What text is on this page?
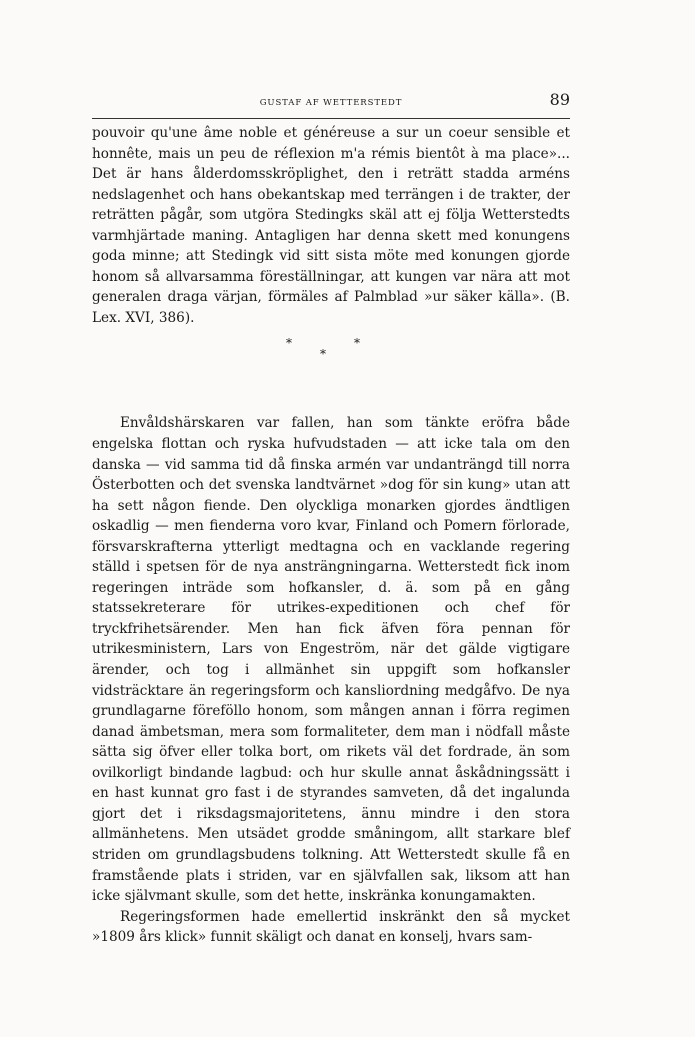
GUSTAF AF WETTERSTEDT	89

pouvoir qu'une âme noble et généreuse a sur un coeur sensible et honnête, mais un peu de réflexion m'a rémis bientôt à ma place»... Det är hans ålderdomsskröplighet, den i reträtt stadda arméns nedslagenhet och hans obekantskap med terrängen i de trakter, der reträtten pågår, som utgöra Stedingks skäl att ej följa Wetterstedts varmhjärtade maning. Antagligen har denna skett med konungens goda minne; att Stedingk vid sitt sista möte med konungen gjorde honom så allvarsamma föreställningar, att kungen var nära att mot generalen draga värjan, förmäles af Palmblad »ur säker källa». (B. Lex. XVI, 386).

*	*
*

Envåldshärskaren var fallen, han som tänkte eröfra både engelska flottan och ryska hufvudstaden — att icke tala om den danska — vid samma tid då finska armén var undanträngd till norra Österbotten och det svenska landtvärnet »dog för sin kung» utan att ha sett någon fiende. Den olyckliga monarken gjordes ändtligen oskadlig — men fienderna voro kvar, Finland och Pomern förlorade, försvarskrafterna ytterligt medtagna och en vacklande regering ställd i spetsen för de nya ansträngningarna. Wetterstedt fick inom regeringen inträde som hofkansler, d. ä. som på en gång statssekreterare för utrikes-expeditionen och chef för tryckfrihetsärender. Men han fick äfven föra pennan för utrikesministern, Lars von Engeström, när det gälde vigtigare ärender, och tog i allmänhet sin uppgift som hofkansler vidsträcktare än regeringsform och kansliordning medgåfvo. De nya grundlagarne föreföllo honom, som mången annan i förra regimen danad ämbetsman, mera som formaliteter, dem man i nödfall måste sätta sig öfver eller tolka bort, om rikets väl det fordrade, än som ovilkorligt bindande lagbud: och hur skulle annat åskådningssätt i en hast kunnat gro fast i de styrandes samveten, då det ingalunda gjort det i riksdagsmajoritetens, ännu mindre i den stora allmänhetens. Men utsädet grodde småningom, allt starkare blef striden om grundlagsbudens tolkning. Att Wetterstedt skulle få en framstående plats i striden, var en självfallen sak, liksom att han icke självmant skulle, som det hette, inskränka konungamakten.

Regeringsformen hade emellertid inskränkt den så mycket »1809 års klick» funnit skäligt och danat en konselj, hvars sam-
